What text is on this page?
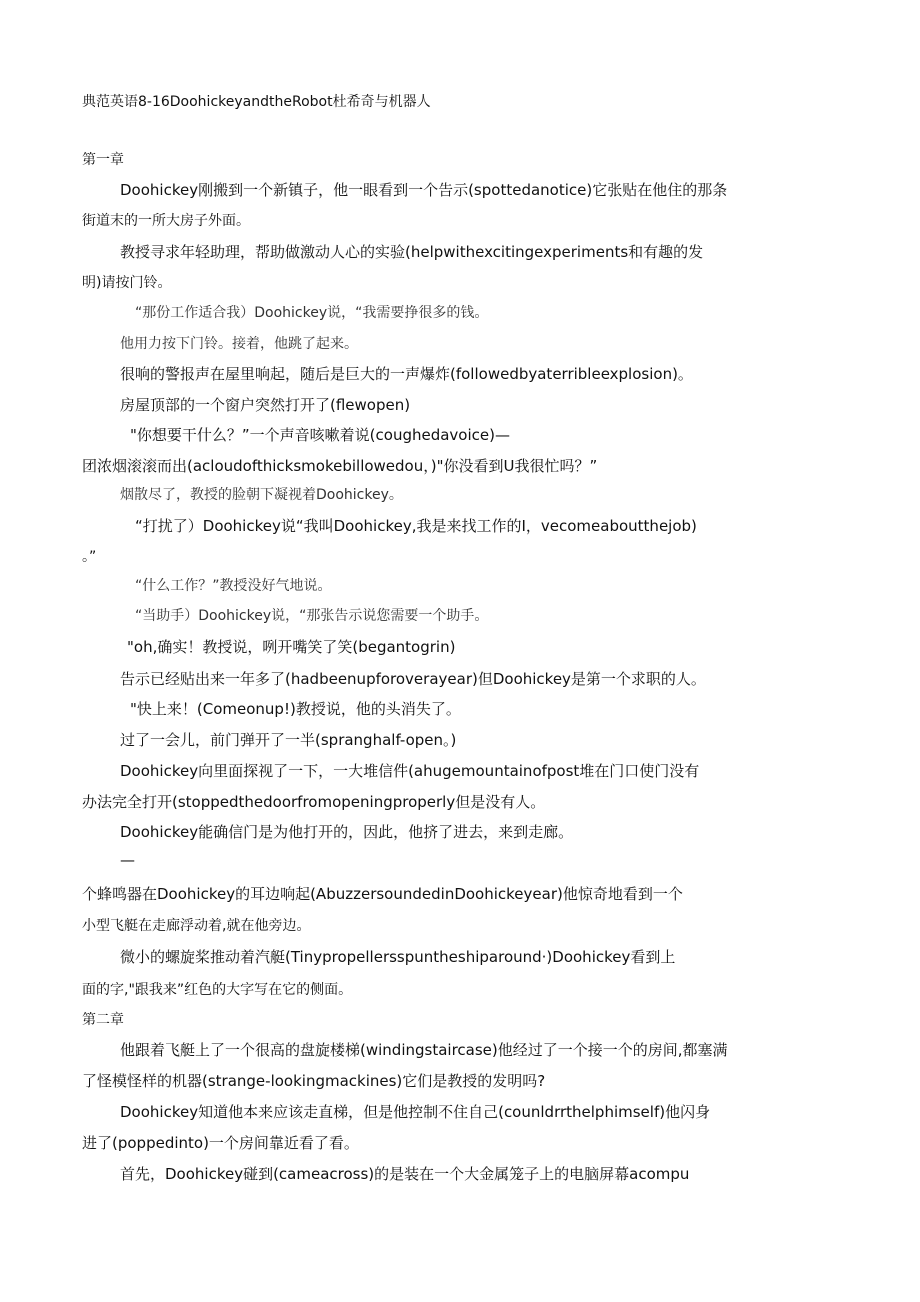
典范英语8-16DoohickeyandtheRobot杜希奇与机器人
第一章
Doohickey刚搬到一个新镇子，他一眼看到一个告示(spottedanotice)它张贴在他住的那条
街道末的一所大房子外面。
教授寻求年轻助理，帮助做激动人心的实验(helpwithexcitingexperiments和有趣的发
明)请按门铃。
“那份工作适合我）Doohickey说，“我需要挣很多的钱。
他用力按下门铃。接着，他跳了起来。
很响的警报声在屋里响起，随后是巨大的一声爆炸(followedbyaterribleexplosion)。
房屋顶部的一个窗户突然打开了(flewopen)
"你想要干什么？”一个声音咳嗽着说(coughedavoice)—
团浓烟滚滚而出(acloudofthicksmokebillowedou，)"你没看到U我很忙吗？”
烟散尽了，教授的脸朝下凝视着Doohickey。
“打扰了）Doohickey说“我叫Doohickey,我是来找工作的I，vecomeaboutthejob)
。”
“什么工作？”教授没好气地说。
“当助手）Doohickey说，“那张告示说您需要一个助手。
"oh,确实！教授说，咧开嘴笑了笑(begantogrin)
告示已经贴出来一年多了(hadbeenupforoverayear)但Doohickey是第一个求职的人。
"快上来！(Comeonup!)教授说，他的头消失了。
过了一会儿，前门弹开了一半(spranghalf-open。)
Doohickey向里面探视了一下，一大堆信件(ahugemountainofpost堆在门口使门没有
办法完全打开(stoppedthedoorfromopeningproperly但是没有人。
Doohickey能确信门是为他打开的，因此，他挤了进去，来到走廊。
—
个蜂鸣器在Doohickey的耳边响起(AbuzzersoundedinDoohickeyear)他惊奇地看到一个
小型飞艇在走廊浮动着,就在他旁边。
微小的螺旋桨推动着汽艇(Tinypropellersspuntheshiparound·)Doohickey看到上
面的字,"跟我来”红色的大字写在它的侧面。
第二章
他跟着飞艇上了一个很高的盘旋楼梯(windingstaircase)他经过了一个接一个的房间,都塞满
了怪模怪样的机器(strange-lookingmackines)它们是教授的发明吗?
Doohickey知道他本来应该走直梯，但是他控制不住自己(counldrrthelphimself)他闪身
进了(poppedinto)一个房间靠近看了看。
首先，Doohickey碰到(cameacross)的是装在一个大金属笼子上的电脑屏幕acompu
